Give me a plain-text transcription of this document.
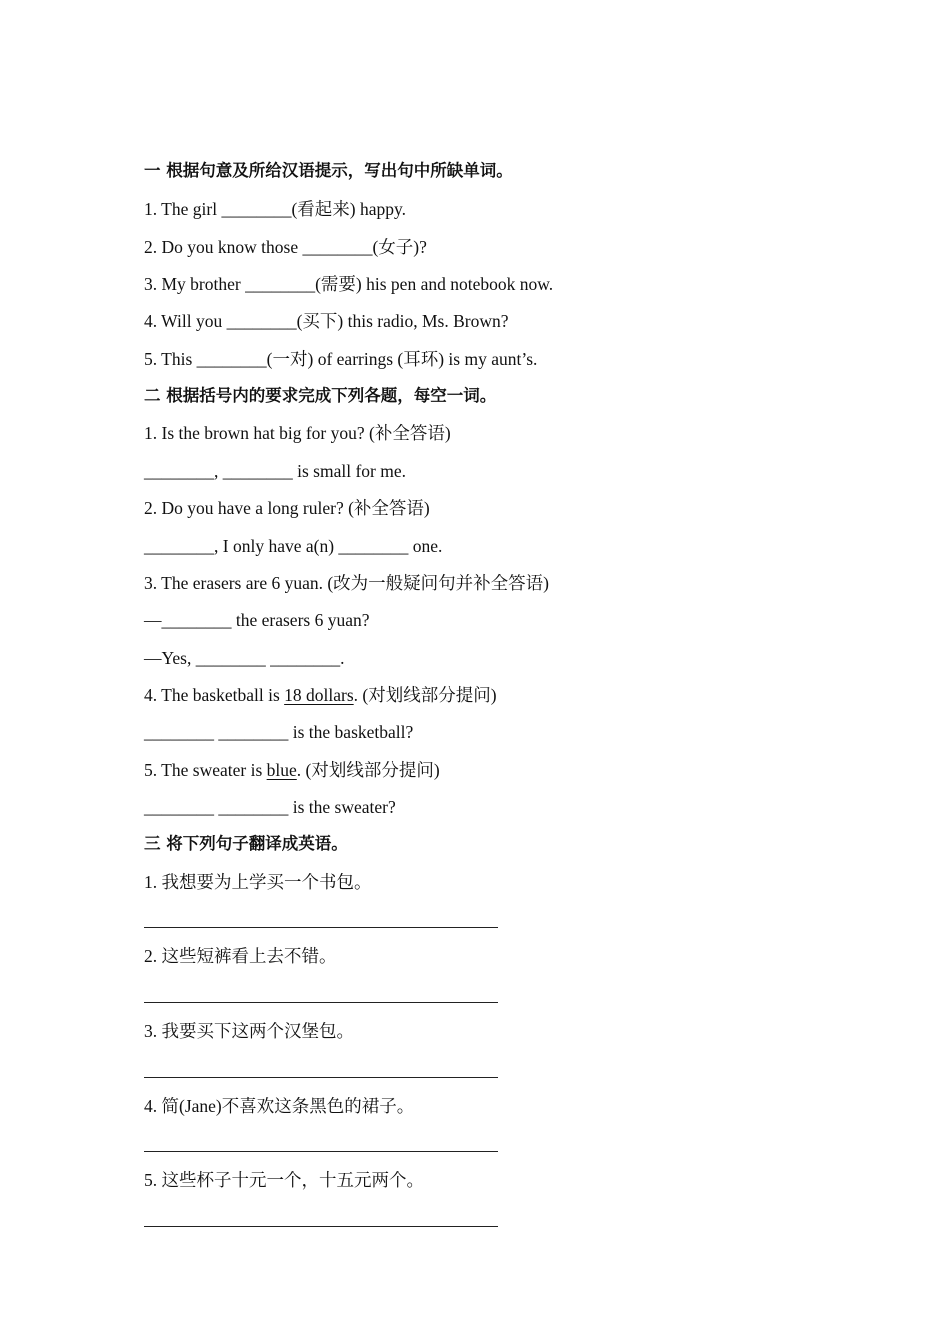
一 根据句意及所给汉语提示，写出句中所缺单词。
1. The girl ________(看起来) happy.
2. Do you know those ________(女子)?
3. My brother ________(需要) his pen and notebook now.
4. Will you ________(买下) this radio, Ms. Brown?
5. This ________(一对) of earrings (耳环) is my aunt’s.
二 根据括号内的要求完成下列各题，每空一词。
1. Is the brown hat big for you? (补全答语)
________, ________ is small for me.
2. Do you have a long ruler? (补全答语)
________, I only have a(n) ________ one.
3. The erasers are 6 yuan. (改为一般疑问句并补全答语)
—________ the erasers 6 yuan?
—Yes, ________ ________.
4. The basketball is 18 dollars. (对划线部分提问)
________ ________ is the basketball?
5. The sweater is blue. (对划线部分提问)
________ ________ is the sweater?
三 将下列句子翻译成英语。
1. 我想要为上学买一个书包。
2. 这些短裤看上去不错。
3. 我要买下这两个汉堡包。
4. 简(Jane)不喜欢这条黑色的裙子。
5. 这些杯子十元一个，十五元两个。
